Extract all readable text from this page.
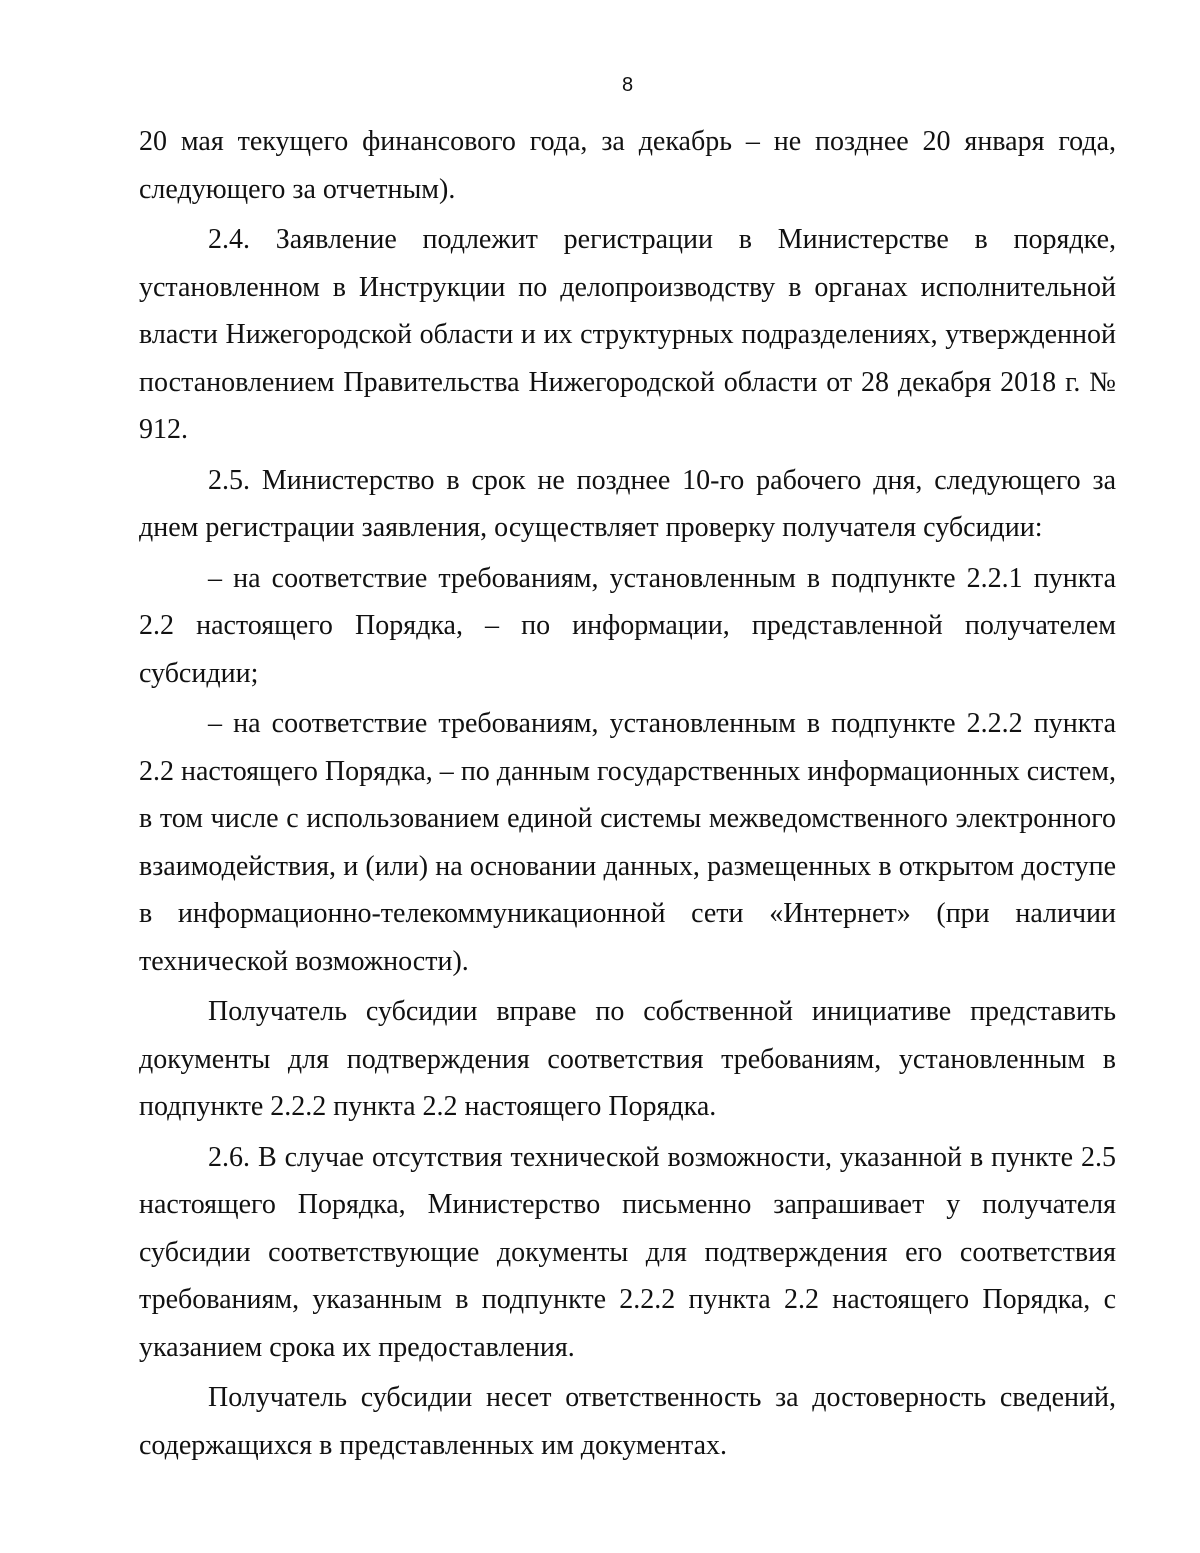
8

20 мая текущего финансового года, за декабрь – не позднее 20 января года, следующего за отчетным).

2.4. Заявление подлежит регистрации в Министерстве в порядке, установленном в Инструкции по делопроизводству в органах исполнительной власти Нижегородской области и их структурных подразделениях, утвержденной постановлением Правительства Нижегородской области от 28 декабря 2018 г. № 912.

2.5. Министерство в срок не позднее 10-го рабочего дня, следующего за днем регистрации заявления, осуществляет проверку получателя субсидии:

– на соответствие требованиям, установленным в подпункте 2.2.1 пункта 2.2 настоящего Порядка, – по информации, представленной получателем субсидии;

– на соответствие требованиям, установленным в подпункте 2.2.2 пункта 2.2 настоящего Порядка, – по данным государственных информационных систем, в том числе с использованием единой системы межведомственного электронного взаимодействия, и (или) на основании данных, размещенных в открытом доступе в информационно-телекоммуникационной сети «Интернет» (при наличии технической возможности).

Получатель субсидии вправе по собственной инициативе представить документы для подтверждения соответствия требованиям, установленным в подпункте 2.2.2 пункта 2.2 настоящего Порядка.

2.6. В случае отсутствия технической возможности, указанной в пункте 2.5 настоящего Порядка, Министерство письменно запрашивает у получателя субсидии соответствующие документы для подтверждения его соответствия требованиям, указанным в подпункте 2.2.2 пункта 2.2 настоящего Порядка, с указанием срока их предоставления.

Получатель субсидии несет ответственность за достоверность сведений, содержащихся в представленных им документах.
